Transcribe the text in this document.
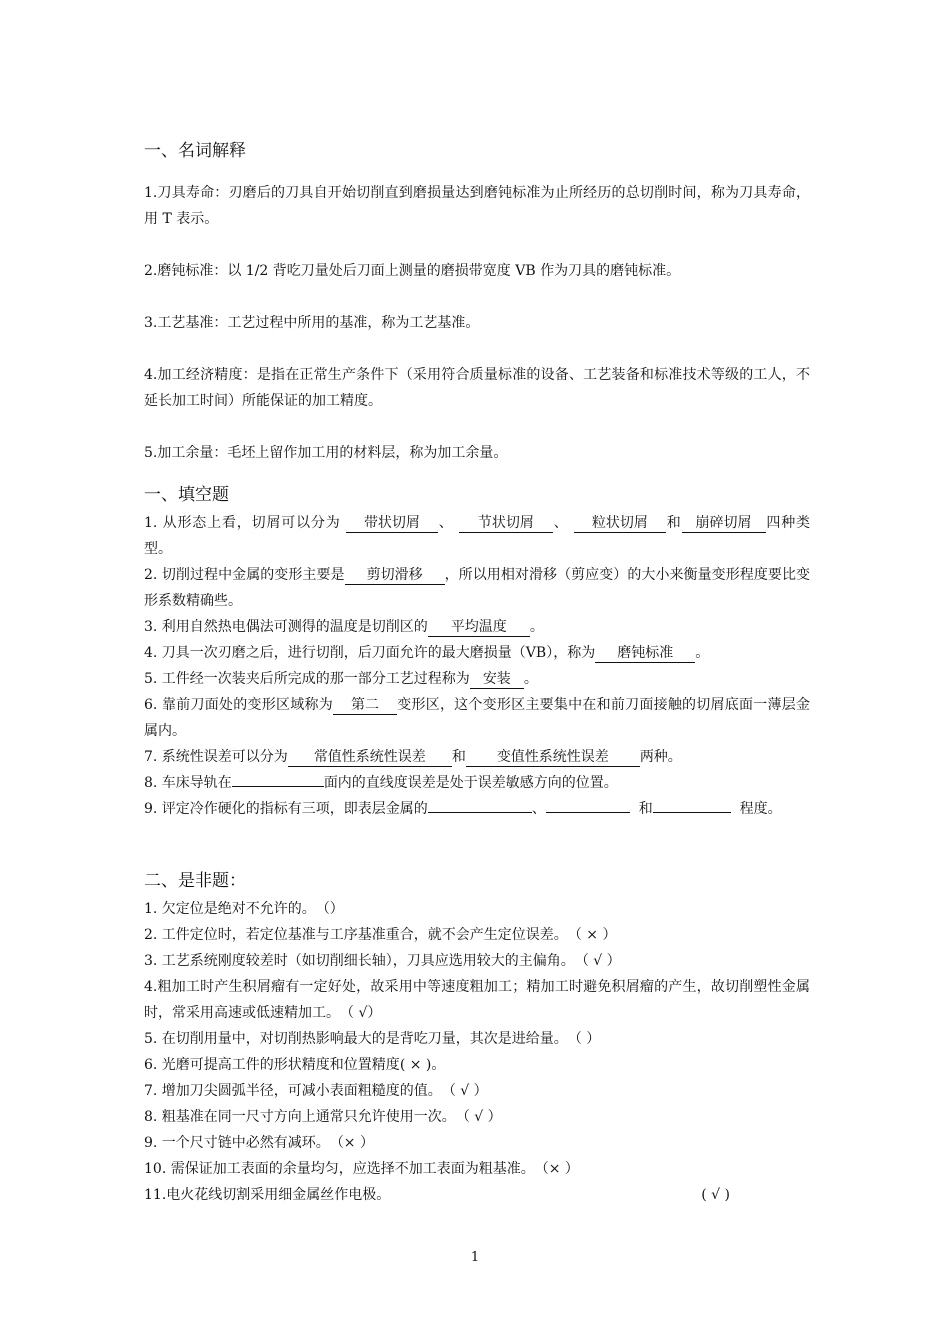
一、名词解释

1.刀具寿命：刃磨后的刀具自开始切削直到磨损量达到磨钝标准为止所经历的总切削时间，称为刀具寿命，用 T 表示。

2.磨钝标准：以 1/2 背吃刀量处后刀面上测量的磨损带宽度 VB 作为刀具的磨钝标准。

3.工艺基准：工艺过程中所用的基准，称为工艺基准。

4.加工经济精度：是指在正常生产条件下（采用符合质量标准的设备、工艺装备和标准技术等级的工人，不延长加工时间）所能保证的加工精度。

5.加工余量：毛坯上留作加工用的材料层，称为加工余量。

一、填空题

1. 从形态上看，切屑可以分为 带状切屑 、 节状切屑 、 粒状切屑 和 崩碎切屑 四种类型。

2. 切削过程中金属的变形主要是 剪切滑移 ，所以用相对滑移（剪应变）的大小来衡量变形程度要比变形系数精确些。

3. 利用自然热电偶法可测得的温度是切削区的 平均温度 。

4. 刀具一次刃磨之后，进行切削，后刀面允许的最大磨损量（VB），称为 磨钝标准 。

5. 工件经一次装夹后所完成的那一部分工艺过程称为 安装 。

6. 靠前刀面处的变形区域称为 第二 变形区，这个变形区主要集中在和前刀面接触的切屑底面一薄层金属内。

7. 系统性误差可以分为 常值性系统性误差 和 变值性系统性误差 两种。

8. 车床导轨在	面内的直线度误差是处于误差敏感方向的位置。

9. 评定冷作硬化的指标有三项，即表层金属的	、	和	程度。

二、是非题：

1. 欠定位是绝对不允许的。（）

2. 工件定位时，若定位基准与工序基准重合，就不会产生定位误差。（ × ）

3. 工艺系统刚度较差时（如切削细长轴），刀具应选用较大的主偏角。（ √ ）

4.粗加工时产生积屑瘤有一定好处，故采用中等速度粗加工；精加工时避免积屑瘤的产生，故切削塑性金属时，常采用高速或低速精加工。（ √）

5. 在切削用量中，对切削热影响最大的是背吃刀量，其次是进给量。（ ）

6. 光磨可提高工件的形状精度和位置精度( × )。

7. 增加刀尖圆弧半径，可减小表面粗糙度的值。（ √ ）

8. 粗基准在同一尺寸方向上通常只允许使用一次。（ √ ）

9. 一个尺寸链中必然有减环。（× ）

10. 需保证加工表面的余量均匀，应选择不加工表面为粗基准。（× ）

11.电火花线切割采用细金属丝作电极。	( √ )

1
